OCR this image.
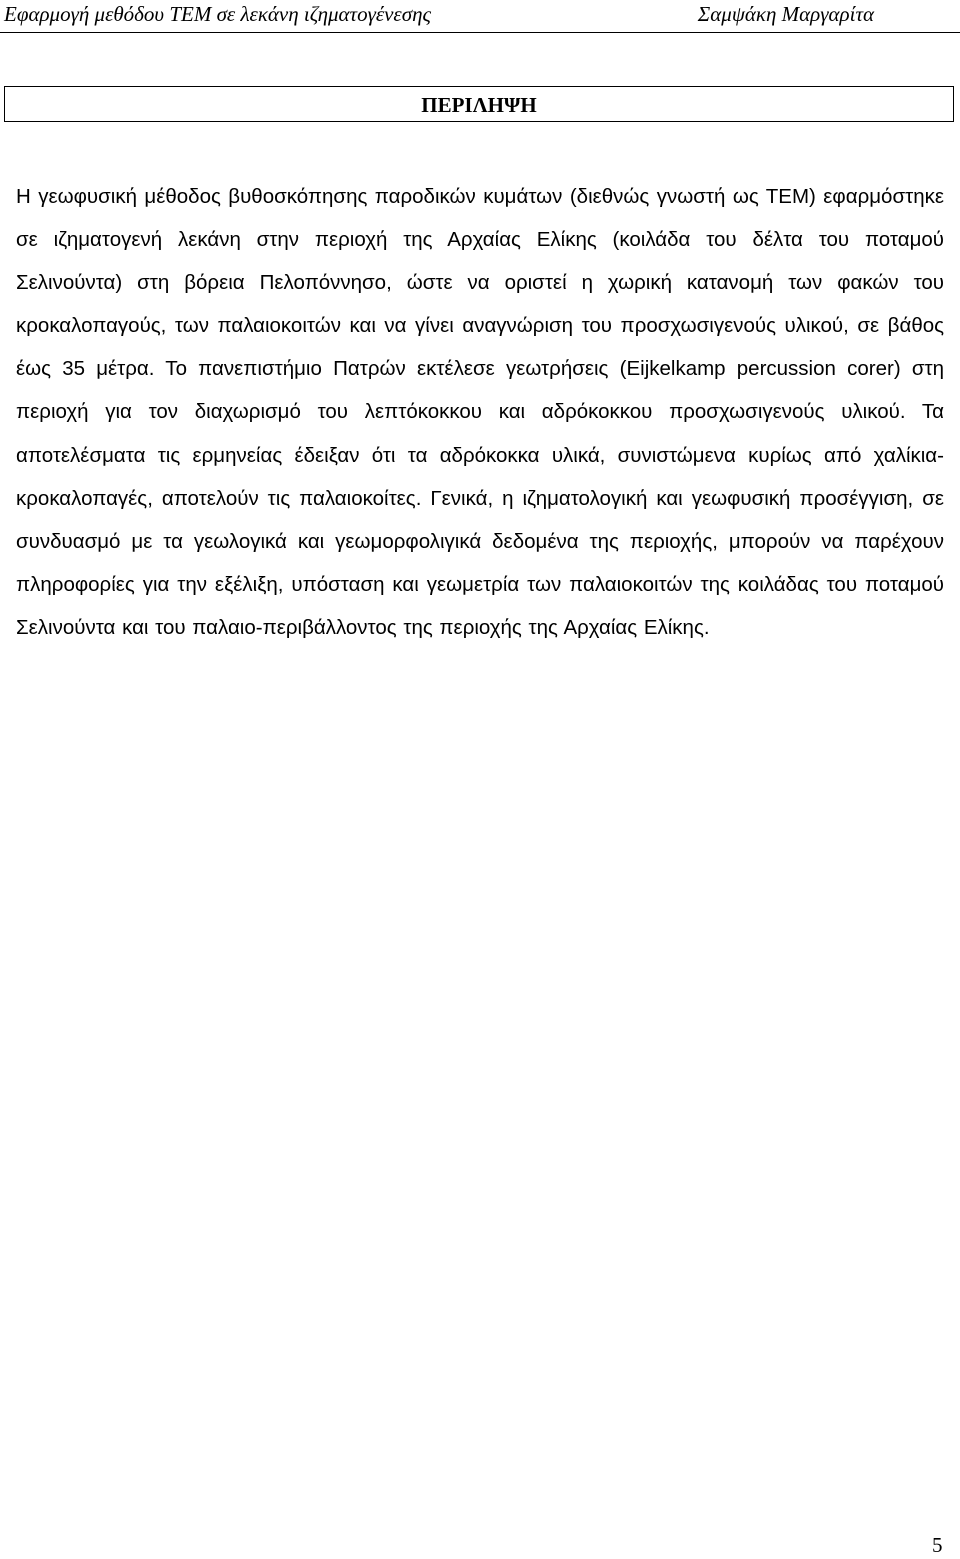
Εφαρμογή μεθόδου TEM σε λεκάνη ιζηματογένεσης	Σαμψάκη Μαργαρίτα
ΠΕΡΙΛΗΨΗ

Η γεωφυσική μέθοδος βυθοσκόπησης παροδικών κυμάτων (διεθνώς γνωστή ως ΤΕΜ) εφαρμόστηκε σε ιζηματογενή λεκάνη στην περιοχή της Αρχαίας Ελίκης (κοιλάδα του δέλτα του ποταμού Σελινούντα) στη βόρεια Πελοπόννησο, ώστε να οριστεί η χωρική κατανομή των φακών του κροκαλοπαγούς, των παλαιοκοιτών και να γίνει αναγνώριση του προσχωσιγενούς υλικού, σε βάθος έως 35 μέτρα. Το πανεπιστήμιο Πατρών εκτέλεσε γεωτρήσεις (Eijkelkamp percussion corer) στη περιοχή για τον διαχωρισμό του λεπτόκοκκου και αδρόκοκκου προσχωσιγενούς υλικού. Τα αποτελέσματα τις ερμηνείας έδειξαν ότι τα αδρόκοκκα υλικά, συνιστώμενα κυρίως από χαλίκια-κροκαλοπαγές, αποτελούν τις παλαιοκοίτες. Γενικά, η ιζηματολογική και γεωφυσική προσέγγιση, σε συνδυασμό με τα γεωλογικά και γεωμορφολιγικά δεδομένα της περιοχής, μπορούν να παρέχουν πληροφορίες για την εξέλιξη, υπόσταση και γεωμετρία των παλαιοκοιτών της κοιλάδας του ποταμού Σελινούντα και του παλαιο-περιβάλλοντος της περιοχής της Αρχαίας Ελίκης.

5
